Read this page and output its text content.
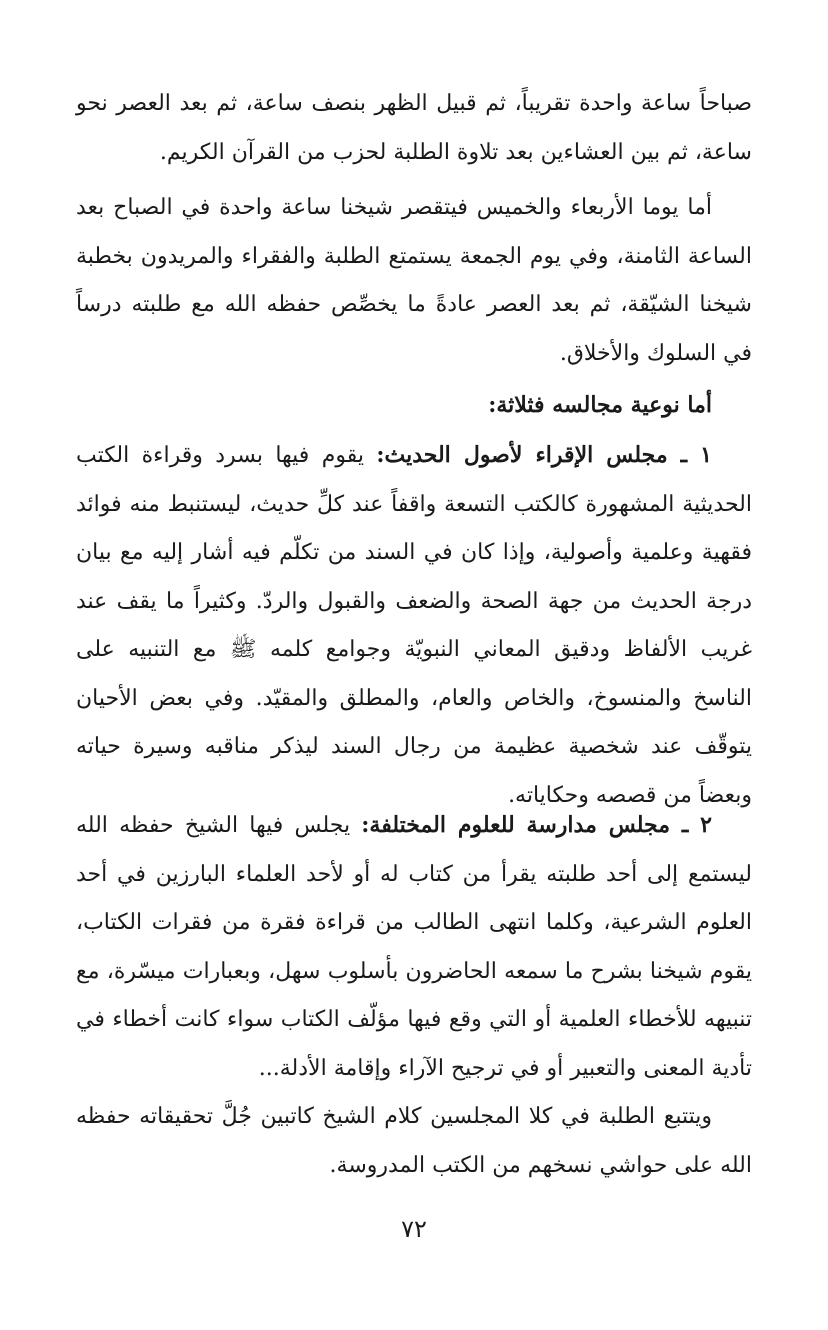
صباحاً ساعة واحدة تقريباً، ثم قبيل الظهر بنصف ساعة، ثم بعد العصر نحو ساعة، ثم بين العشاءين بعد تلاوة الطلبة لحزب من القرآن الكريم.

أما يوما الأربعاء والخميس فيتقصر شيخنا ساعة واحدة في الصباح بعد الساعة الثامنة، وفي يوم الجمعة يستمتع الطلبة والفقراء والمريدون بخطبة شيخنا الشيّقة، ثم بعد العصر عادةً ما يخصِّص حفظه الله مع طلبته درساً في السلوك والأخلاق.

أما نوعية مجالسه فثلاثة:

١ ـ مجلس الإقراء لأصول الحديث: يقوم فيها بسرد وقراءة الكتب الحديثية المشهورة كالكتب التسعة واقفاً عند كلِّ حديث، ليستنبط منه فوائد فقهية وعلمية وأصولية، وإذا كان في السند من تكلّم فيه أشار إليه مع بيان درجة الحديث من جهة الصحة والضعف والقبول والردّ. وكثيراً ما يقف عند غريب الألفاظ ودقيق المعاني النبويّة وجوامع كلمه ﷺ مع التنبيه على الناسخ والمنسوخ، والخاص والعام، والمطلق والمقيّد. وفي بعض الأحيان يتوقّف عند شخصية عظيمة من رجال السند ليذكر مناقبه وسيرة حياته وبعضاً من قصصه وحكاياته.

٢ ـ مجلس مدارسة للعلوم المختلفة: يجلس فيها الشيخ حفظه الله ليستمع إلى أحد طلبته يقرأ من كتاب له أو لأحد العلماء البارزين في أحد العلوم الشرعية، وكلما انتهى الطالب من قراءة فقرة من فقرات الكتاب، يقوم شيخنا بشرح ما سمعه الحاضرون بأسلوب سهل، وبعبارات ميسّرة، مع تنبيهه للأخطاء العلمية أو التي وقع فيها مؤلّف الكتاب سواء كانت أخطاء في تأدية المعنى والتعبير أو في ترجيح الآراء وإقامة الأدلة...

ويتتبع الطلبة في كلا المجلسين كلام الشيخ كاتبين جُلَّ تحقيقاته حفظه الله على حواشي نسخهم من الكتب المدروسة.

٧٢
